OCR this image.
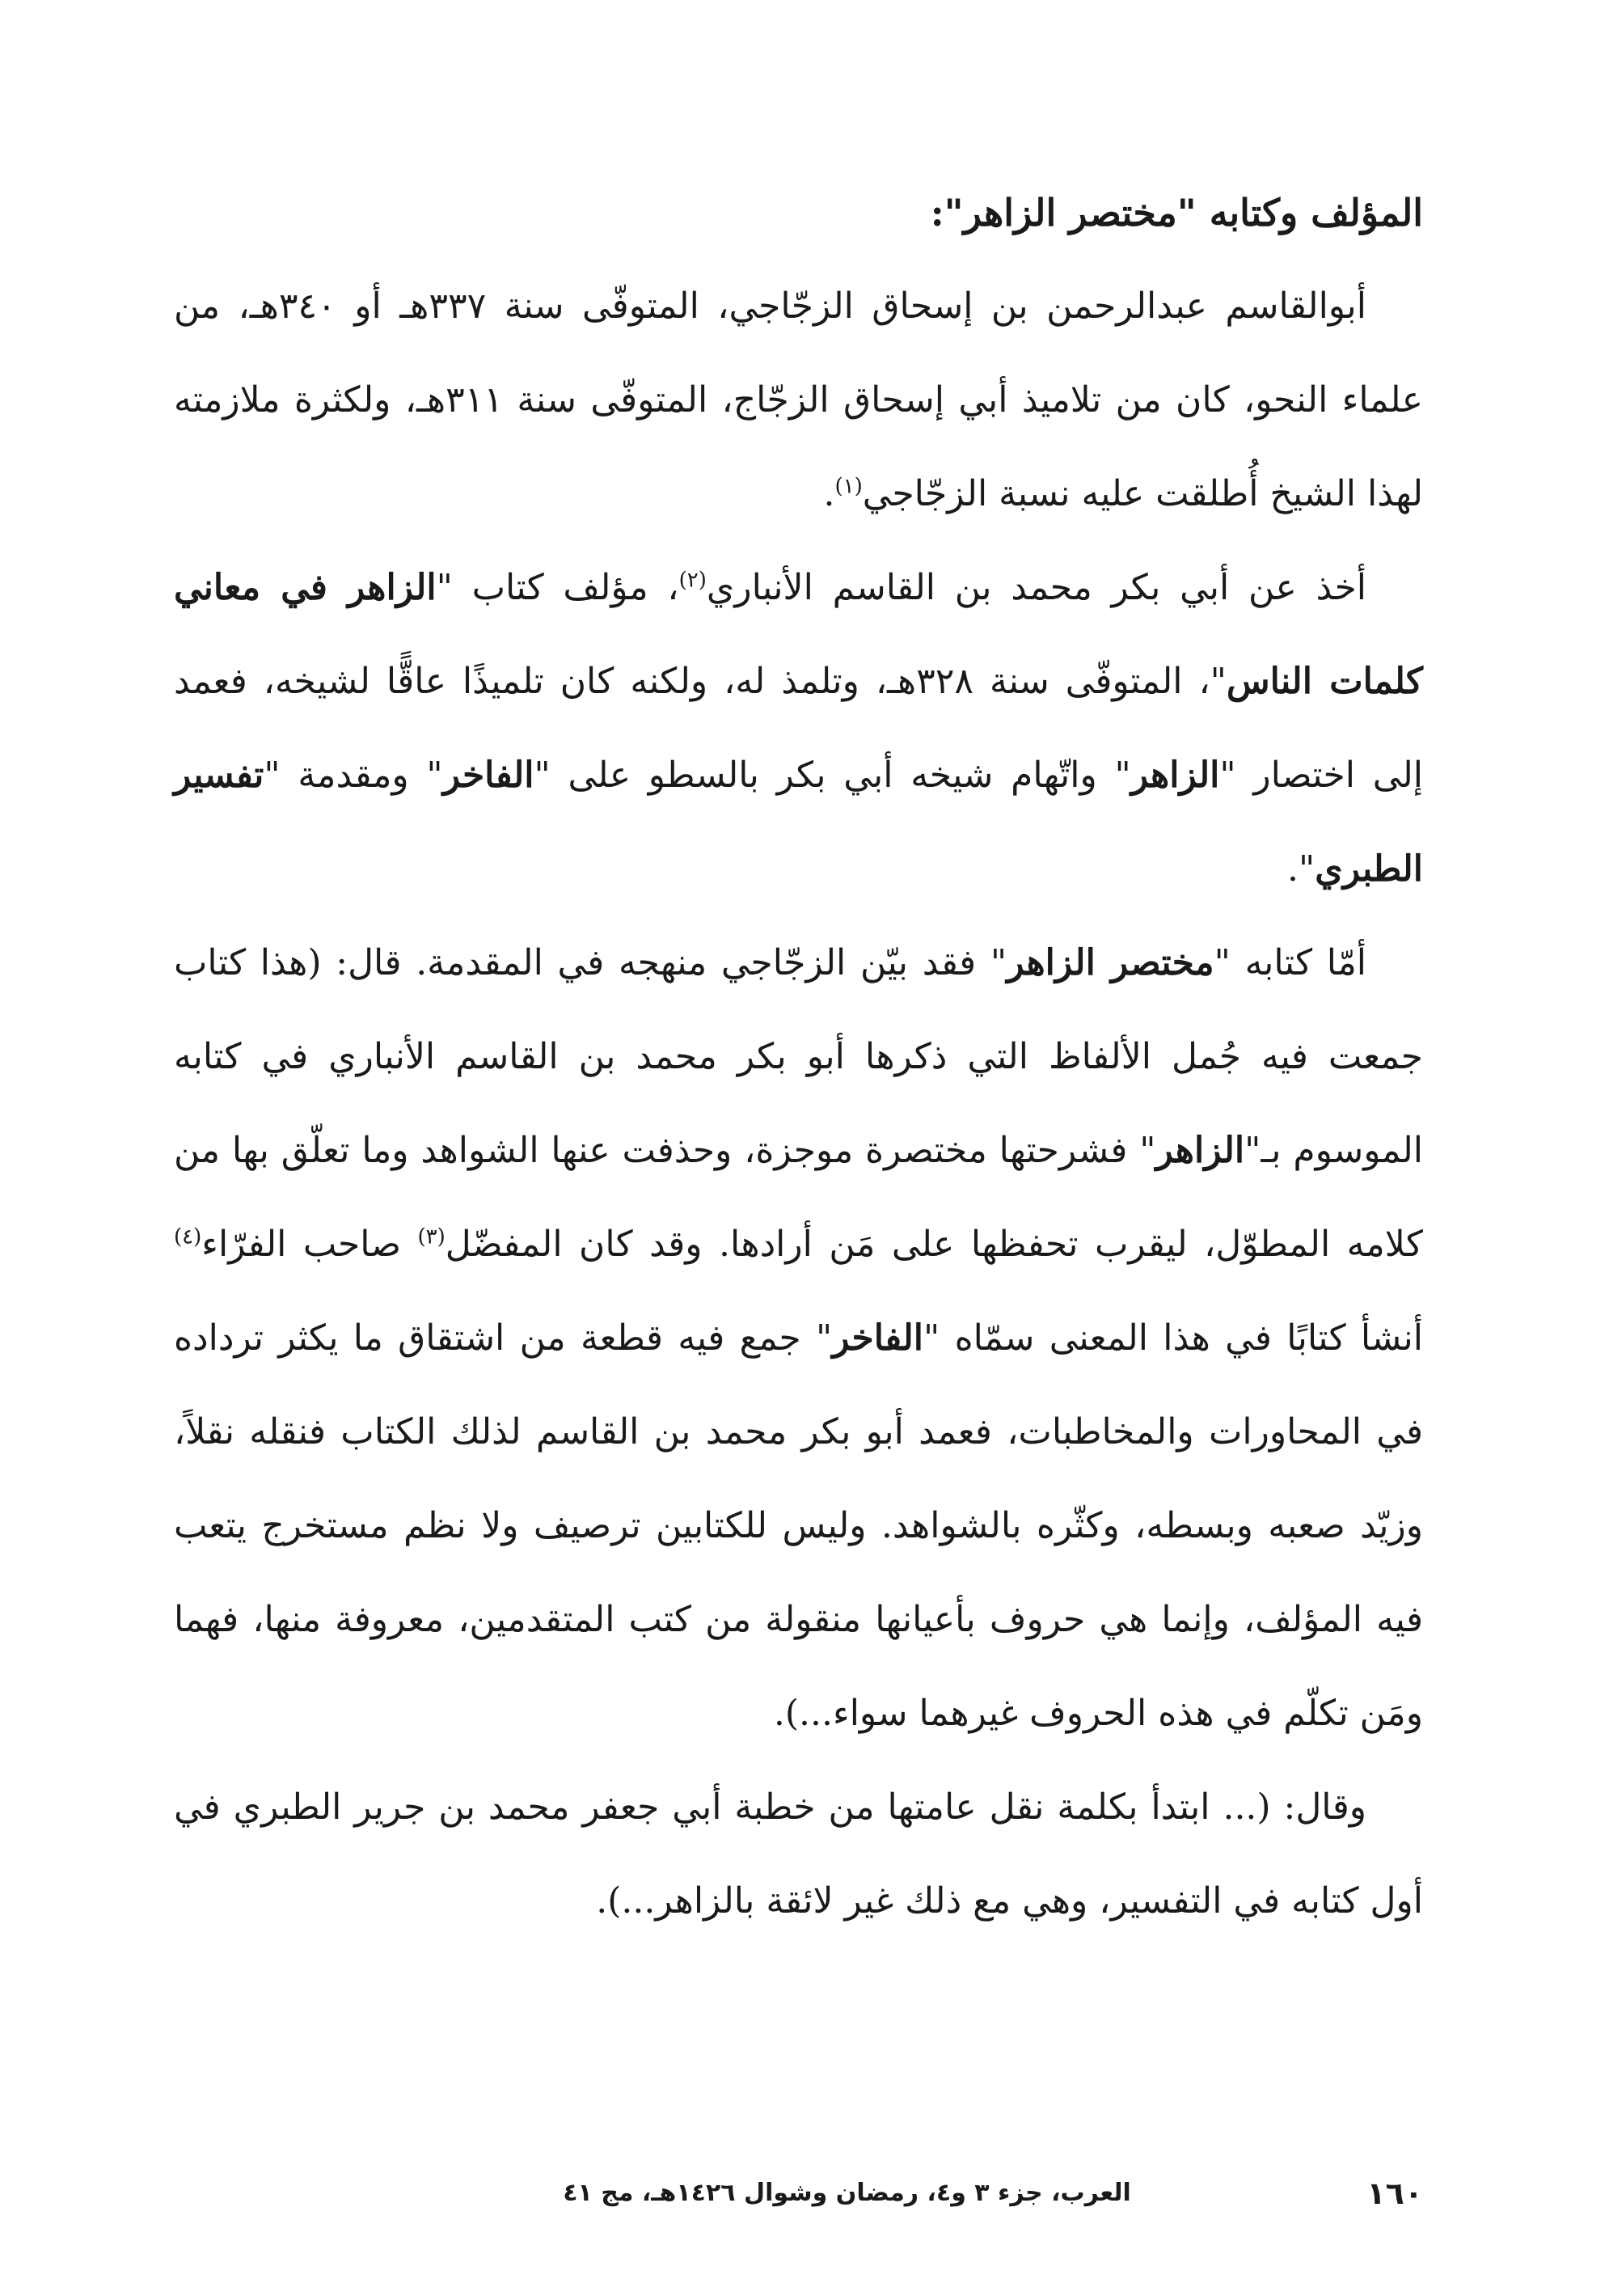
المؤلف وكتابه "مختصر الزاهر":

أبوالقاسم عبدالرحمن بن إسحاق الزجّاجي، المتوفّى سنة ٣٣٧هـ أو ٣٤٠هـ، من علماء النحو، كان من تلاميذ أبي إسحاق الزجّاج، المتوفّى سنة ٣١١هـ، ولكثرة ملازمته لهذا الشيخ أُطلقت عليه نسبة الزجّاجي$^{(١)}$.

أخذ عن أبي بكر محمد بن القاسم الأنباري$^{(٢)}$، مؤلف كتاب "الزاهر في معاني كلمات الناس"، المتوفّى سنة ٣٢٨هـ، وتلمذ له، ولكنه كان تلميذًا عاقًّا لشيخه، فعمد إلى اختصار "الزاهر" واتّهام شيخه أبي بكر بالسطو على "الفاخر" ومقدمة "تفسير الطبري".

أمّا كتابه "مختصر الزاهر" فقد بيّن الزجّاجي منهجه في المقدمة. قال: (هذا كتاب جمعت فيه جُمل الألفاظ التي ذكرها أبو بكر محمد بن القاسم الأنباري في كتابه الموسوم بـ"الزاهر" فشرحتها مختصرة موجزة، وحذفت عنها الشواهد وما تعلّق بها من كلامه المطوّل، ليقرب تحفظها على مَن أرادها. وقد كان المفضّل$^{(٣)}$ صاحب الفرّاء$^{(٤)}$ أنشأ كتابًا في هذا المعنى سمّاه "الفاخر" جمع فيه قطعة من اشتقاق ما يكثر ترداده في المحاورات والمخاطبات، فعمد أبو بكر محمد بن القاسم لذلك الكتاب فنقله نقلاً، وزيّد صعبه وبسطه، وكثّره بالشواهد. وليس للكتابين ترصيف ولا نظم مستخرج يتعب فيه المؤلف، وإنما هي حروف بأعيانها منقولة من كتب المتقدمين، معروفة منها، فهما ومَن تكلّم في هذه الحروف غيرهما سواء...).

وقال: (... ابتدأ بكلمة نقل عامتها من خطبة أبي جعفر محمد بن جرير الطبري في أول كتابه في التفسير، وهي مع ذلك غير لائقة بالزاهر...).

١٦٠
العرب، جزء ٣ و٤، رمضان وشوال ١٤٢٦هـ، مج ٤١
